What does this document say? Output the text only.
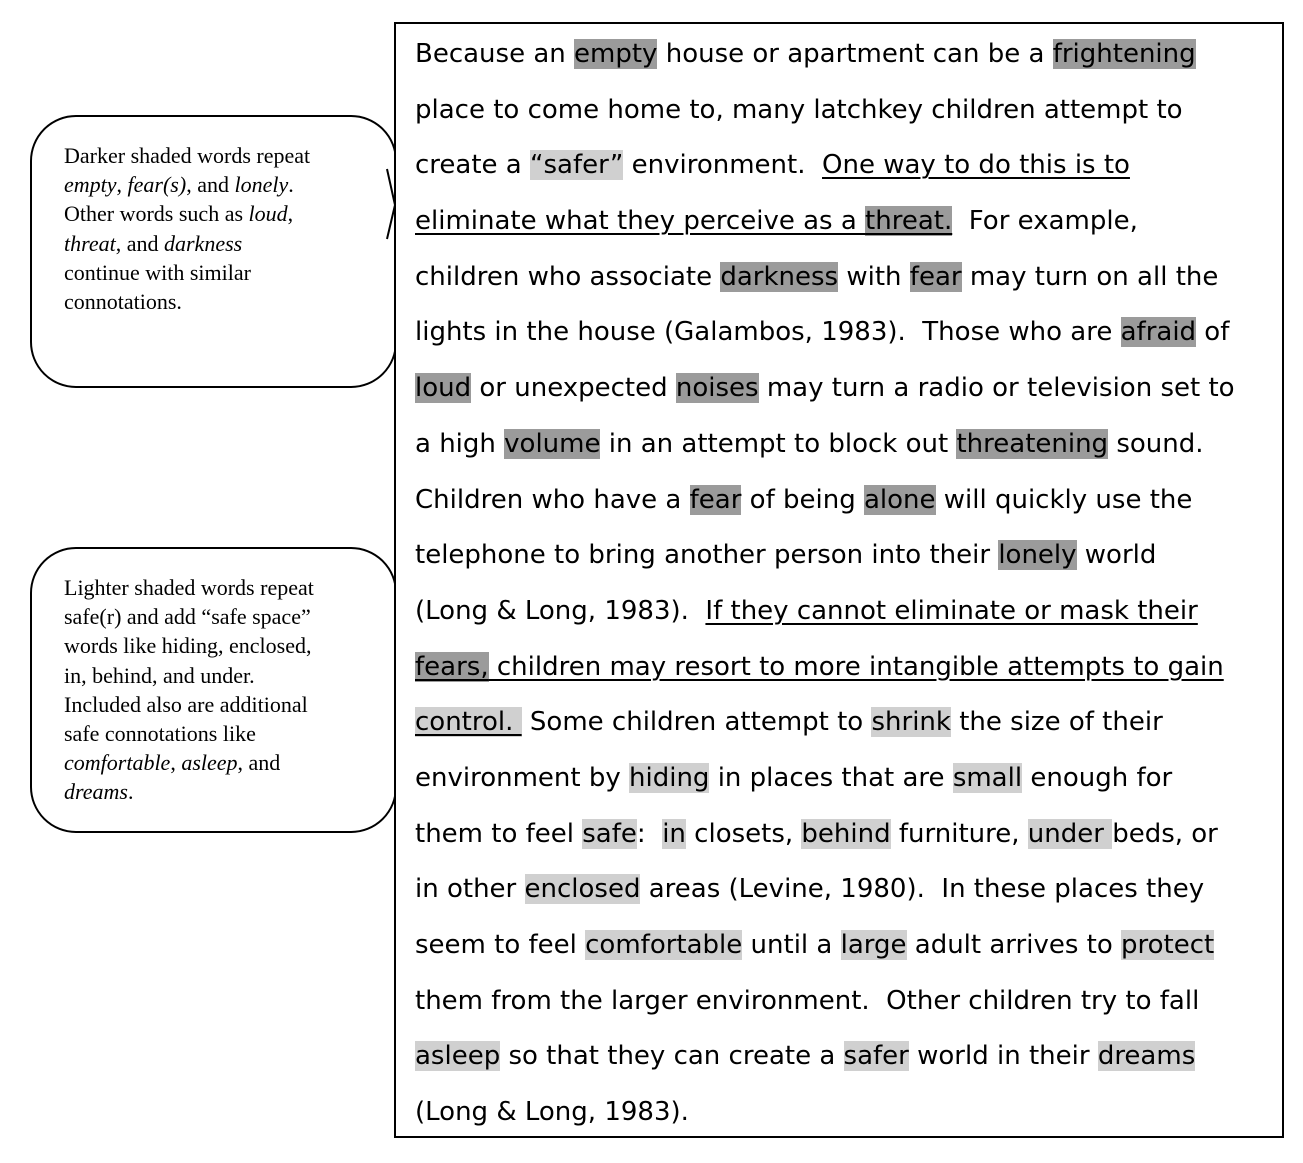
Darker shaded words repeat
empty, fear(s), and lonely.
Other words such as loud,
threat, and darkness
continue with similar
connotations.
Lighter shaded words repeat
safe(r) and add “safe space”
words like hiding, enclosed,
in, behind, and under.
Included also are additional
safe connotations like
comfortable, asleep, and
dreams.
Because an empty house or apartment can be a frightening
place to come home to, many latchkey children attempt to
create a “safer” environment.  One way to do this is to
eliminate what they perceive as a threat.  For example,
children who associate darkness with fear may turn on all the
lights in the house (Galambos, 1983).  Those who are afraid of
loud or unexpected noises may turn a radio or television set to
a high volume in an attempt to block out threatening sound.
Children who have a fear of being alone will quickly use the
telephone to bring another person into their lonely world
(Long & Long, 1983).  If they cannot eliminate or mask their
fears, children may resort to more intangible attempts to gain
control.  Some children attempt to shrink the size of their
environment by hiding in places that are small enough for
them to feel safe:  in closets, behind furniture, under beds, or
in other enclosed areas (Levine, 1980).  In these places they
seem to feel comfortable until a large adult arrives to protect
them from the larger environment.  Other children try to fall
asleep so that they can create a safer world in their dreams
(Long & Long, 1983).
